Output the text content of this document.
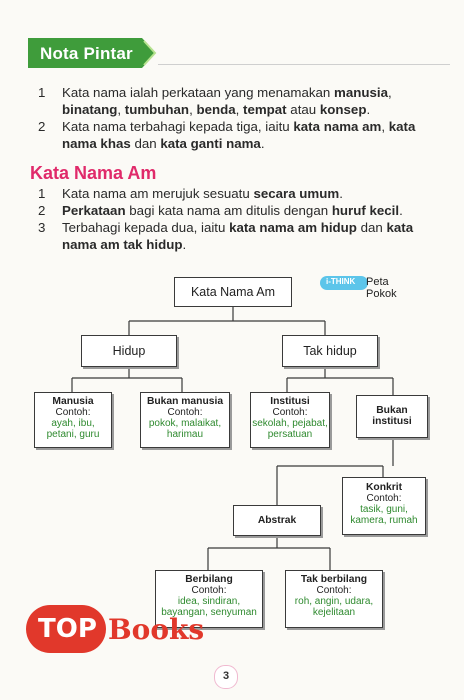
Nota Pintar
1 Kata nama ialah perkataan yang menamakan manusia, binatang, tumbuhan, benda, tempat atau konsep.
2 Kata nama terbahagi kepada tiga, iaitu kata nama am, kata nama khas dan kata ganti nama.
Kata Nama Am
1 Kata nama am merujuk sesuatu secara umum.
2 Perkataan bagi kata nama am ditulis dengan huruf kecil.
3 Terbahagi kepada dua, iaitu kata nama am hidup dan kata nama am tak hidup.
i-THINK Peta Pokok
Kata Nama Am
Hidup	Tak hidup
Manusia
Contoh:
ayah, ibu,
petani, guru
Bukan manusia
Contoh:
pokok, malaikat,
harimau
Institusi
Contoh:
sekolah, pejabat,
persatuan
Bukan
institusi
Abstrak
Konkrit
Contoh:
tasik, guni,
kamera, rumah
Berbilang
Contoh:
idea, sindiran,
bayangan, senyuman
Tak berbilang
Contoh:
roh, angin, udara,
kejelitaan
TOP Books
3
